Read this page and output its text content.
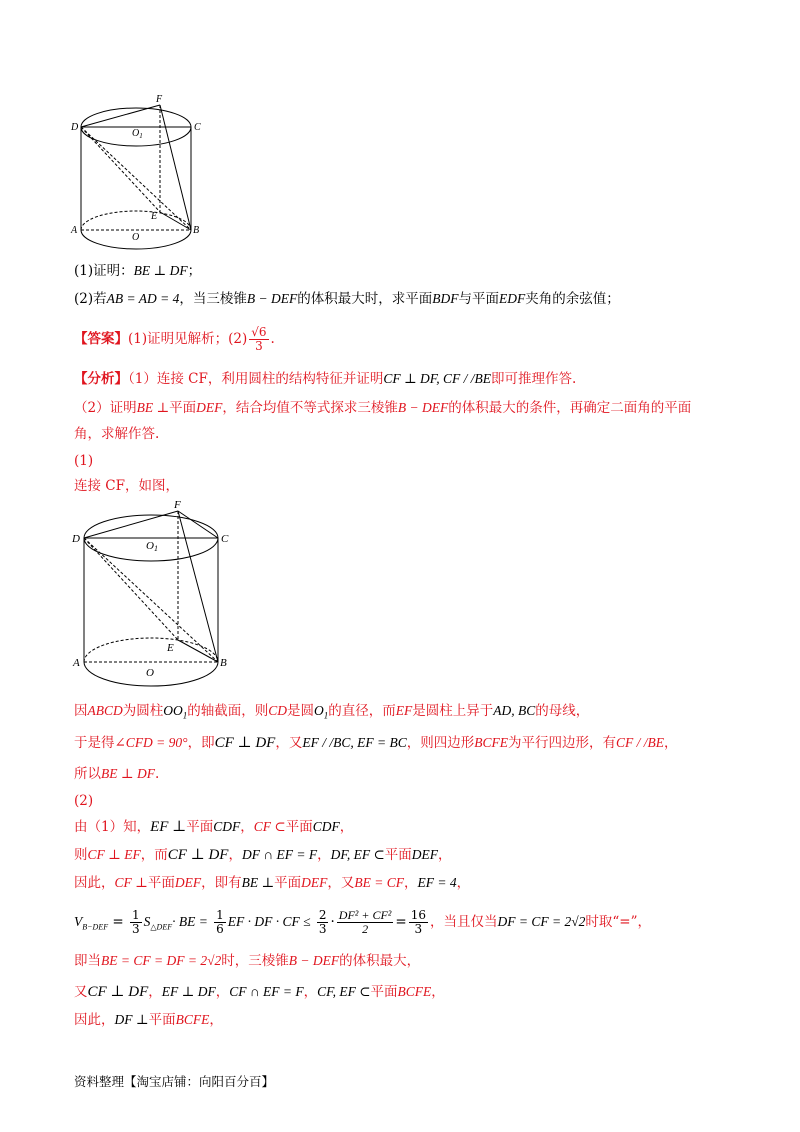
D
F
C
$O_1$
E
A	B
O
(1)证明：BE ⊥ DF；
(2)若AB = AD = 4，当三棱锥B − DEF的体积最大时，求平面BDF与平面EDF夹角的余弦值；
【答案】(1)证明见解析；$(2) \frac{√6}{3}$ .
【分析】（1）连接 CF，利用圆柱的结构特征并证明CF ⊥ DF, CF / /BE即可推理作答.
（2）证明BE ⊥平面DEF，结合均值不等式探求三棱锥B − DEF的体积最大的条件，再确定二面角的平面
角，求解作答.
(1)
连接 CF，如图，
D
F
C
O1
E
A	B
O
因ABCD为圆柱$OO_1$的轴截面，则CD是圆$O_1$的直径，而EF是圆柱上异于AD, BC的母线，
于是得∠CFD = 90°，即CF ⊥ DF，又EF / /BC, EF = BC，则四边形BCFE为平行四边形，有CF / /BE，
所以BE ⊥ DF.
(2)
由（1）知，EF ⊥平面CDF，CF ⊂平面CDF，
则CF ⊥ EF，而CF ⊥ DF，DF ∩ EF = F，DF, EF ⊂平面DEF，
因此，CF ⊥平面DEF，即有BE ⊥平面DEF，又BE = CF，EF = 4，
$V_{B-DEF} = \frac{1}{3} S_{\triangle DEF}\cdot$ BE = $\frac{1}{6}$ EF · DF · CF ≤ $\frac{2}{3} \cdot \frac{\text{DF² + CF²}}{2} = \frac{16}{3}$ ，当且仅当DF = CF = 2√2时取“=”，
即当BE = CF = DF = 2√2时，三棱锥B − DEF的体积最大，
又CF ⊥ DF，EF ⊥ DF，CF ∩ EF = F，CF, EF ⊂平面BCFE，
因此，DF ⊥平面BCFE，
资料整理【淘宝店铺：向阳百分百】
